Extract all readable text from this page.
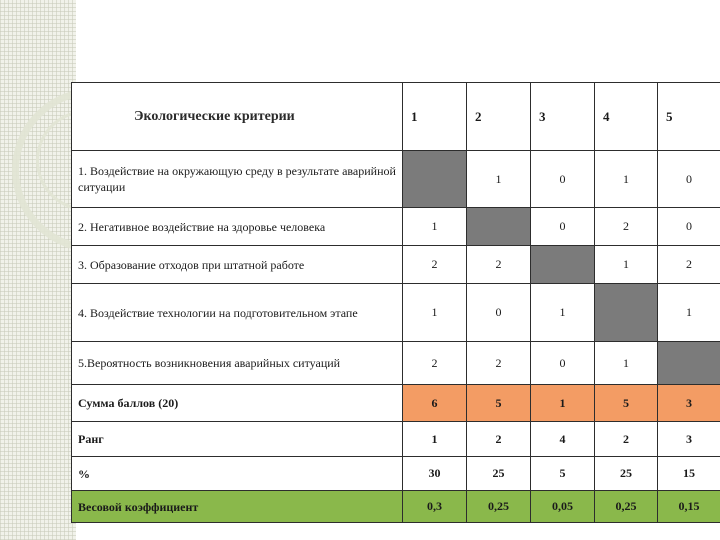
Экологические критерии	1	2	3	4	5
1. Воздействие на окружающую среду в результате аварийной ситуации		1	0	1	0
2. Негативное воздействие на здоровье человека	1		0	2	0
3. Образование отходов при штатной работе	2	2		1	2
4. Воздействие технологии на подготовительном этапе	1	0	1		1
5.Вероятность возникновения аварийных ситуаций	2	2	0	1	
Сумма баллов (20)	6	5	1	5	3
Ранг	1	2	4	2	3
%	30	25	5	25	15
Весовой коэффициент	0,3	0,25	0,05	0,25	0,15
